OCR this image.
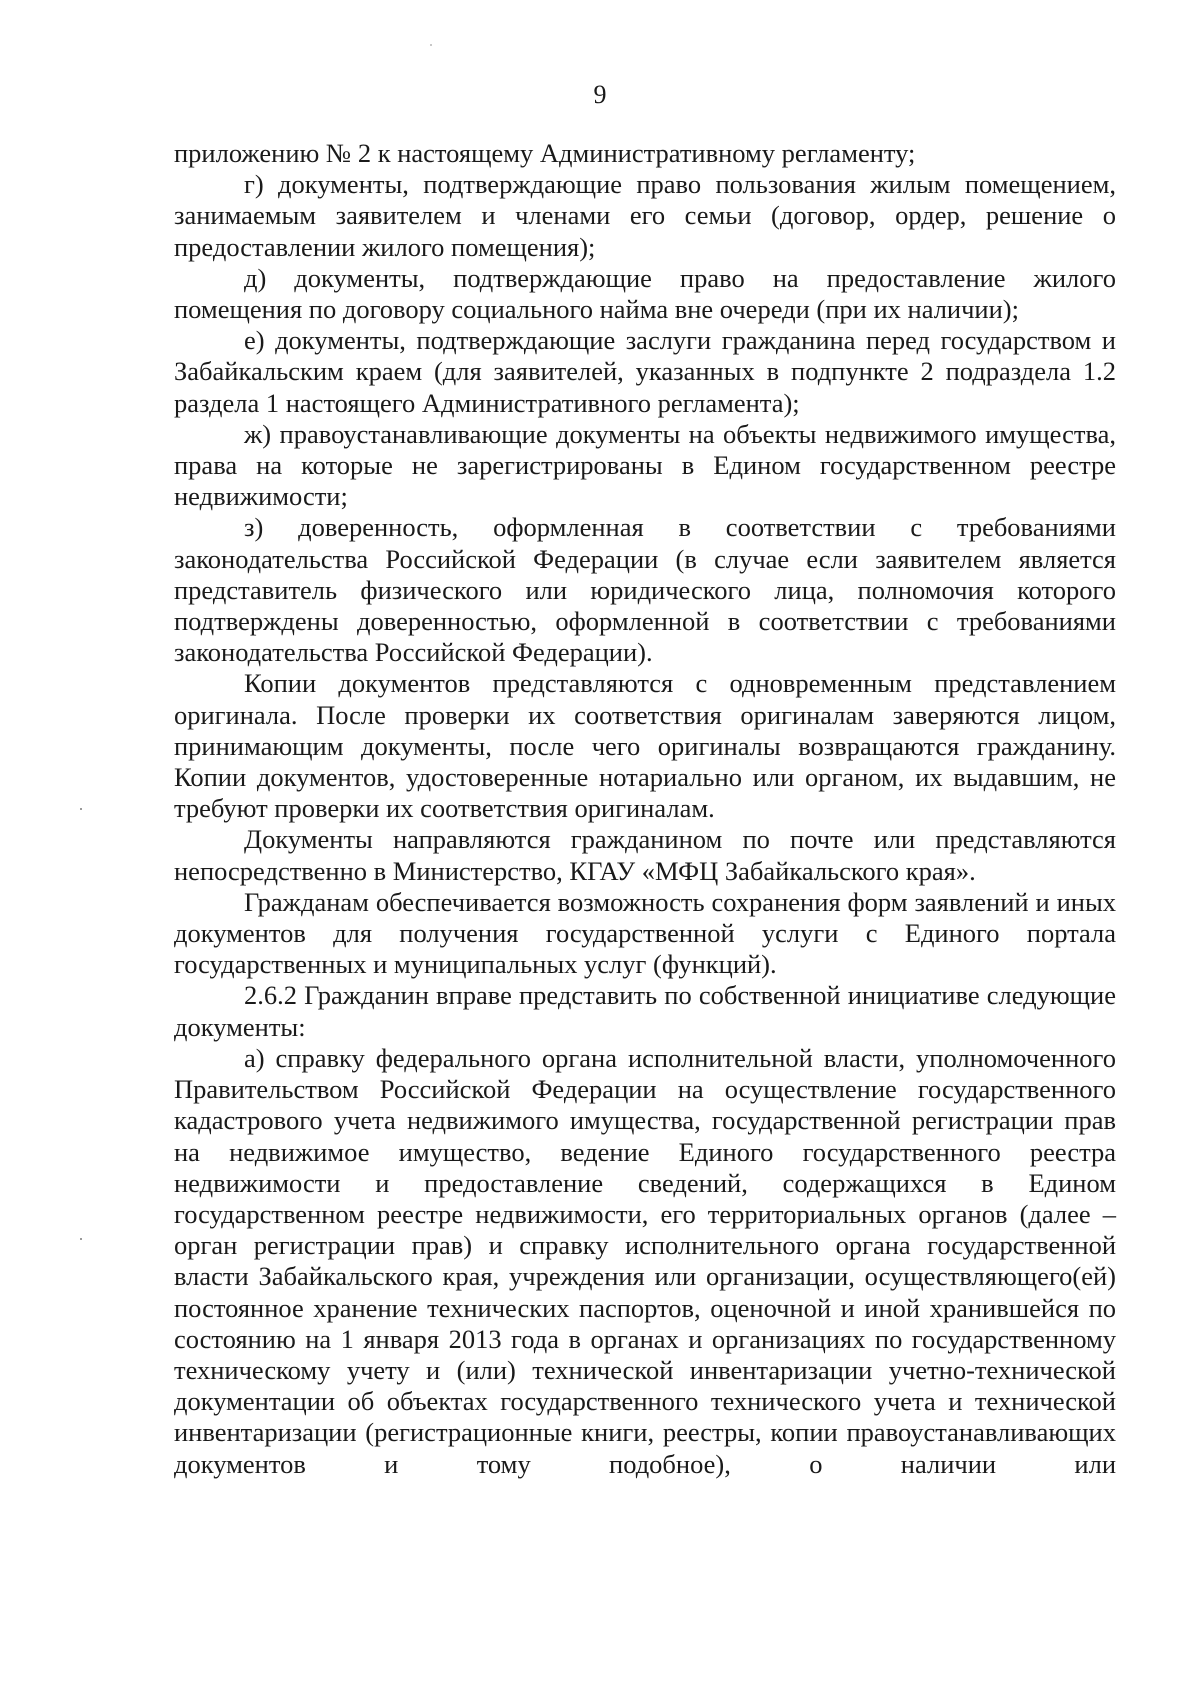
9

приложению № 2 к настоящему Административному регламенту;

г) документы, подтверждающие право пользования жилым помещением, занимаемым заявителем и членами его семьи (договор, ордер, решение о предоставлении жилого помещения);

д) документы, подтверждающие право на предоставление жилого помещения по договору социального найма вне очереди (при их наличии);

е) документы, подтверждающие заслуги гражданина перед государством и Забайкальским краем (для заявителей, указанных в подпункте 2 подраздела 1.2 раздела 1 настоящего Административного регламента);

ж) правоустанавливающие документы на объекты недвижимого имущества, права на которые не зарегистрированы в Едином государственном реестре недвижимости;

з) доверенность, оформленная в соответствии с требованиями законодательства Российской Федерации (в случае если заявителем является представитель физического или юридического лица, полномочия которого подтверждены доверенностью, оформленной в соответствии с требованиями законодательства Российской Федерации).

Копии документов представляются с одновременным представлением оригинала. После проверки их соответствия оригиналам заверяются лицом, принимающим документы, после чего оригиналы возвращаются гражданину. Копии документов, удостоверенные нотариально или органом, их выдавшим, не требуют проверки их соответствия оригиналам.

Документы направляются гражданином по почте или представляются непосредственно в Министерство, КГАУ «МФЦ Забайкальского края».

Гражданам обеспечивается возможность сохранения форм заявлений и иных документов для получения государственной услуги с Единого портала государственных и муниципальных услуг (функций).

2.6.2 Гражданин вправе представить по собственной инициативе следующие документы:

а) справку федерального органа исполнительной власти, уполномоченного Правительством Российской Федерации на осуществление государственного кадастрового учета недвижимого имущества, государственной регистрации прав на недвижимое имущество, ведение Единого государственного реестра недвижимости и предоставление сведений, содержащихся в Едином государственном реестре недвижимости, его территориальных органов (далее – орган регистрации прав) и справку исполнительного органа государственной власти Забайкальского края, учреждения или организации, осуществляющего(ей) постоянное хранение технических паспортов, оценочной и иной хранившейся по состоянию на 1 января 2013 года в органах и организациях по государственному техническому учету и (или) технической инвентаризации учетно-технической документации об объектах государственного технического учета и технической инвентаризации (регистрационные книги, реестры, копии правоустанавливающих документов и тому подобное), о наличии или
